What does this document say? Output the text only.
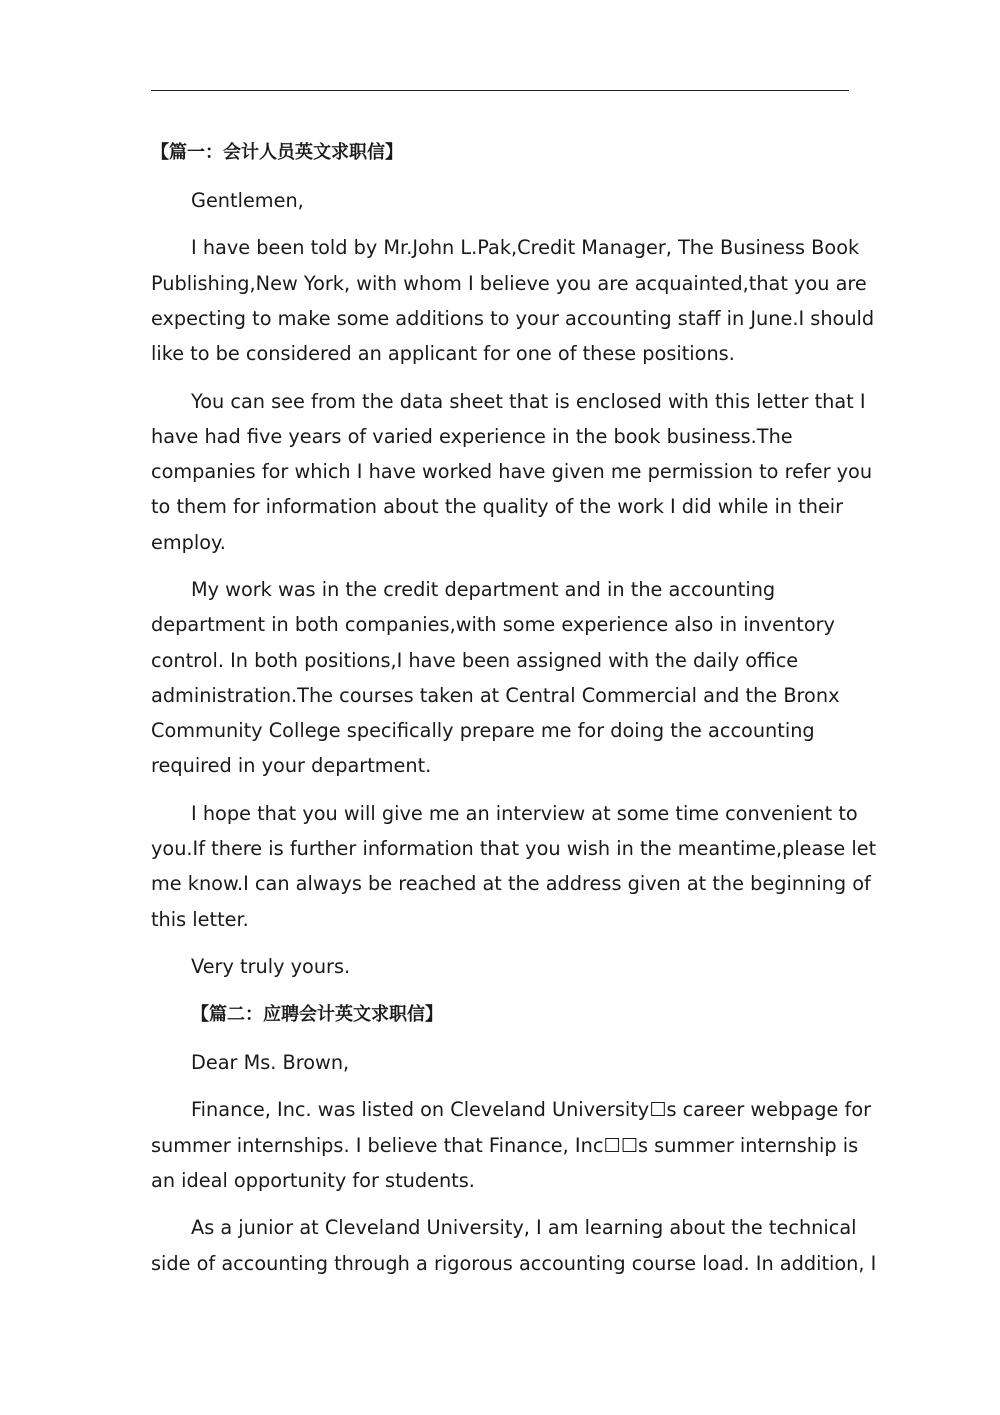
【篇一：会计人员英文求职信】
Gentlemen,
I have been told by Mr.John L.Pak,Credit Manager, The Business Book
Publishing,New York, with whom I believe you are acquainted,that you are
expecting to make some additions to your accounting staff in June.I should
like to be considered an applicant for one of these positions.
You can see from the data sheet that is enclosed with this letter that I
have had five years of varied experience in the book business.The
companies for which I have worked have given me permission to refer you
to them for information about the quality of the work I did while in their
employ.
My work was in the credit department and in the accounting
department in both companies,with some experience also in inventory
control. In both positions,I have been assigned with the daily office
administration.The courses taken at Central Commercial and the Bronx
Community College specifically prepare me for doing the accounting
required in your department.
I hope that you will give me an interview at some time convenient to
you.If there is further information that you wish in the meantime,please let
me know.I can always be reached at the address given at the beginning of
this letter.
Very truly yours.
【篇二：应聘会计英文求职信】
Dear Ms. Brown,
Finance, Inc. was listed on Cleveland University☐s career webpage for
summer internships. I believe that Finance, Inc☐☐s summer internship is
an ideal opportunity for students.
As a junior at Cleveland University, I am learning about the technical
side of accounting through a rigorous accounting course load. In addition, I
